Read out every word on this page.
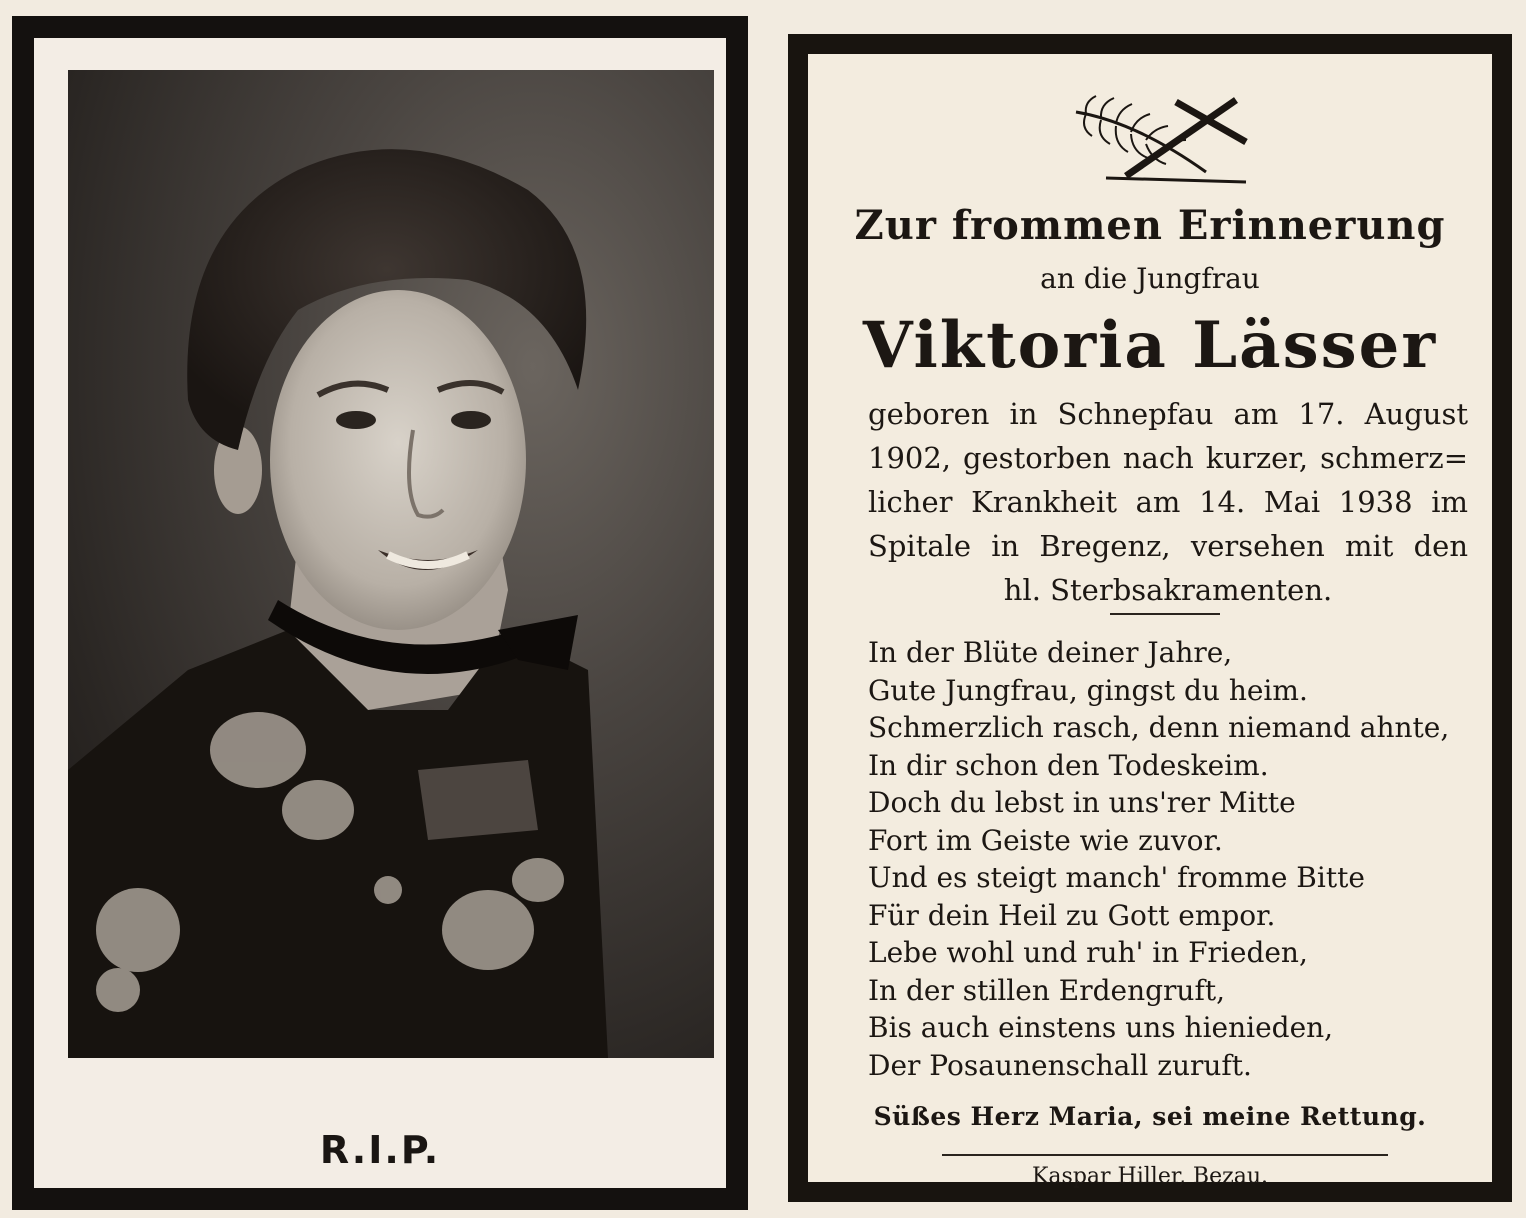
R.I.P.
Zur frommen Erinnerung
an die Jungfrau
Viktoria Lässer
geboren in Schnepfau am 17. August
1902, gestorben nach kurzer, schmerz=
licher Krankheit am 14. Mai 1938 im
Spitale in Bregenz, versehen mit den
hl. Sterbsakramenten.
In der Blüte deiner Jahre,
Gute Jungfrau, gingst du heim.
Schmerzlich rasch, denn niemand ahnte,
In dir schon den Todeskeim.
Doch du lebst in uns'rer Mitte
Fort im Geiste wie zuvor.
Und es steigt manch' fromme Bitte
Für dein Heil zu Gott empor.
Lebe wohl und ruh' in Frieden,
In der stillen Erdengruft,
Bis auch einstens uns hienieden,
Der Posaunenschall zuruft.
Süßes Herz Maria, sei meine Rettung.
Kaspar Hiller, Bezau.
